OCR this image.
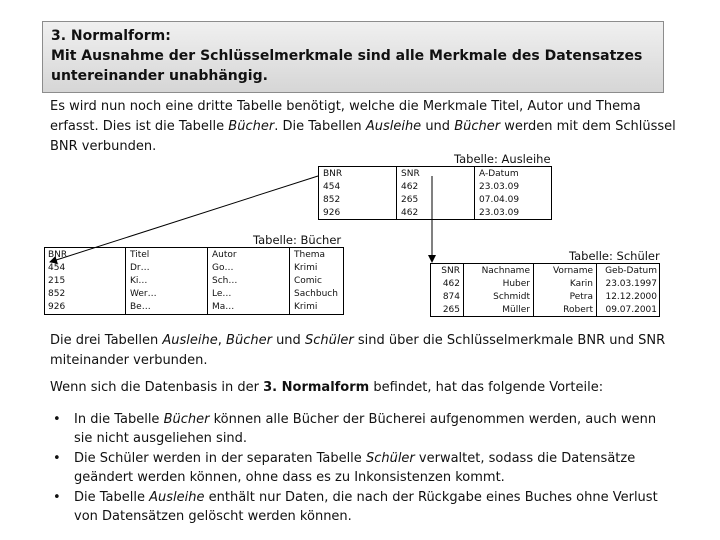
3. Normalform:
Mit Ausnahme der Schlüsselmerkmale sind alle Merkmale des Datensatzes
untereinander unabhängig.
Es wird nun noch eine dritte Tabelle benötigt, welche die Merkmale Titel, Autor und Thema erfasst. Dies ist die Tabelle Bücher. Die Tabellen Ausleihe und Bücher werden mit dem Schlüssel BNR verbunden.
Tabelle: Ausleihe
BNR	SNR	A-Datum
454	462	23.03.09
852	265	07.04.09
926	462	23.03.09
Tabelle: Bücher
BNR	Titel	Autor	Thema
454	Dr…	Go…	Krimi
215	Ki…	Sch…	Comic
852	Wer…	Le…	Sachbuch
926	Be…	Ma…	Krimi
Tabelle: Schüler
SNR	Nachname	Vorname	Geb-Datum
462	Huber	Karin	23.03.1997
874	Schmidt	Petra	12.12.2000
265	Müller	Robert	09.07.2001
Die drei Tabellen Ausleihe, Bücher und Schüler sind über die Schlüsselmerkmale BNR und SNR miteinander verbunden.
Wenn sich die Datenbasis in der 3. Normalform befindet, hat das folgende Vorteile:
• In die Tabelle Bücher können alle Bücher der Bücherei aufgenommen werden, auch wenn sie nicht ausgeliehen sind.
• Die Schüler werden in der separaten Tabelle Schüler verwaltet, sodass die Datensätze geändert werden können, ohne dass es zu Inkonsistenzen kommt.
• Die Tabelle Ausleihe enthält nur Daten, die nach der Rückgabe eines Buches ohne Verlust von Datensätzen gelöscht werden können.
